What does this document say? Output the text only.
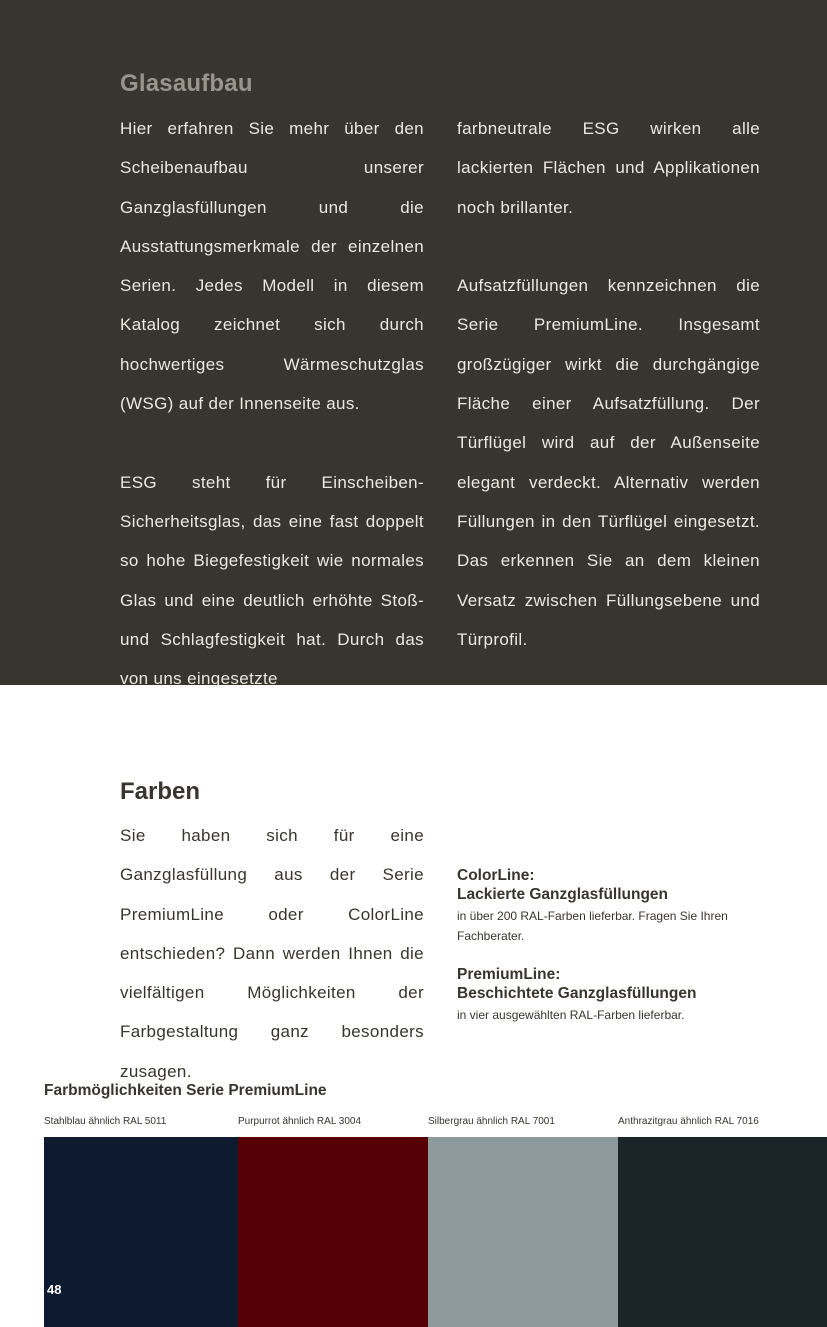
Glasaufbau

Hier erfahren Sie mehr über den Scheibenaufbau unserer Ganzglasfüllungen und die Ausstattungsmerkmale der einzelnen Serien. Jedes Modell in diesem Katalog zeichnet sich durch hochwertiges Wärmeschutzglas (WSG) auf der Innenseite aus.

ESG steht für Einscheiben-Sicherheitsglas, das eine fast doppelt so hohe Biegefestigkeit wie normales Glas und eine deutlich erhöhte Stoß- und Schlagfestigkeit hat. Durch das von uns eingesetzte

farbneutrale ESG wirken alle lackierten Flächen und Applikationen noch brillanter.

Aufsatzfüllungen kennzeichnen die Serie PremiumLine. Insgesamt großzügiger wirkt die durchgängige Fläche einer Aufsatzfüllung. Der Türflügel wird auf der Außenseite elegant verdeckt. Alternativ werden Füllungen in den Türflügel eingesetzt. Das erkennen Sie an dem kleinen Versatz zwischen Füllungsebene und Türprofil.

Farben

Sie haben sich für eine Ganzglasfüllung aus der Serie PremiumLine oder ColorLine entschieden? Dann werden Ihnen die vielfältigen Möglichkeiten der Farbgestaltung ganz besonders zusagen.

ColorLine:

Lackierte Ganzglasfüllungen

in über 200 RAL-Farben lieferbar. Fragen Sie Ihren Fachberater.

PremiumLine:

Beschichtete Ganzglasfüllungen

in vier ausgewählten RAL-Farben lieferbar.

Farbmöglichkeiten Serie PremiumLine
Stahlblau ähnlich RAL 5011	Purpurrot ähnlich RAL 3004	Silbergrau ähnlich RAL 7001	Anthrazitgrau ähnlich RAL 7016
48
